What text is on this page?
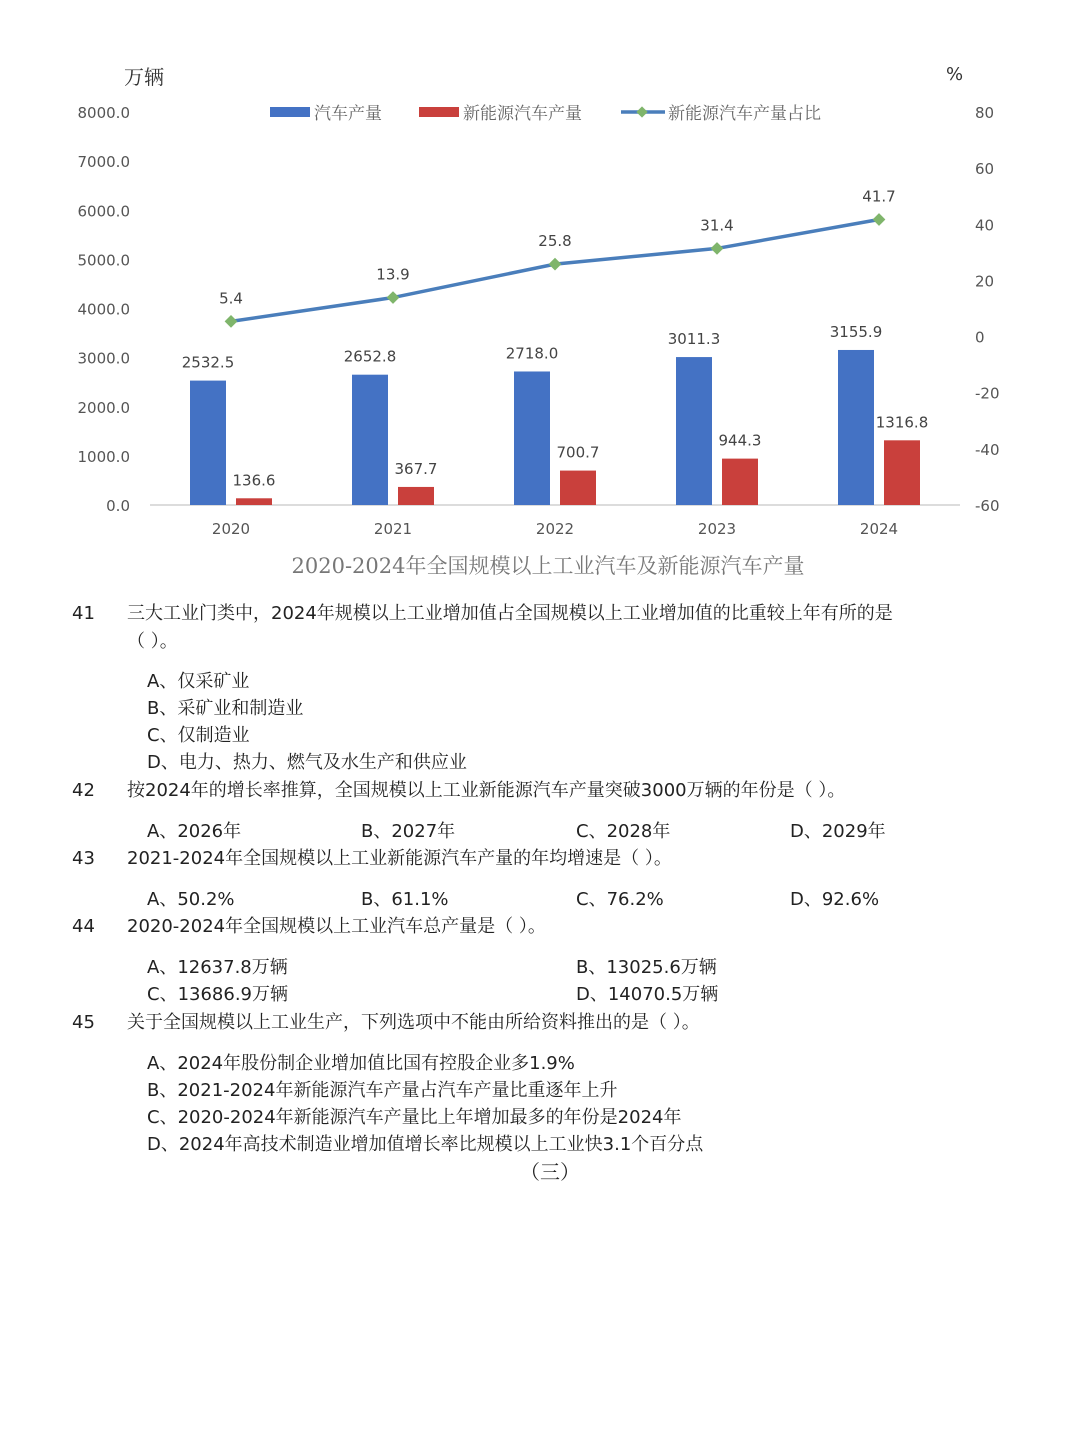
万辆	%
0.0
1000.0
2000.0
3000.0
4000.0
5000.0
6000.0
7000.0
8000.0
-60
-40
-20
0
20
40
60
80
2020	2021	2022	2023	2024
2532.5	2652.8	2718.0
3011.3	3155.9
136.6
367.7
700.7
944.3
1316.8
5.4
13.9
25.8
31.4
41.7
汽车产量	新能源汽车产量	新能源汽车产量占比
2020-2024年全国规模以上工业汽车及新能源汽车产量
41 三大工业门类中，2024年规模以上工业增加值占全国规模以上工业增加值的比重较上年有所的是
（ ）。
A、仅采矿业
B、采矿业和制造业
C、仅制造业
D、电力、热力、燃气及水生产和供应业
42 按2024年的增长率推算，全国规模以上工业新能源汽车产量突破3000万辆的年份是（ ）。
A、2026年	B、2027年	C、2028年	D、2029年
43 2021-2024年全国规模以上工业新能源汽车产量的年均增速是（ ）。
A、50.2%	B、61.1%	C、76.2%	D、92.6%
44 2020-2024年全国规模以上工业汽车总产量是（ ）。
A、12637.8万辆	B、13025.6万辆
C、13686.9万辆	D、14070.5万辆
45 关于全国规模以上工业生产，下列选项中不能由所给资料推出的是（ ）。
A、2024年股份制企业增加值比国有控股企业多1.9%
B、2021-2024年新能源汽车产量占汽车产量比重逐年上升
C、2020-2024年新能源汽车产量比上年增加最多的年份是2024年
D、2024年高技术制造业增加值增长率比规模以上工业快3.1个百分点
（三）
